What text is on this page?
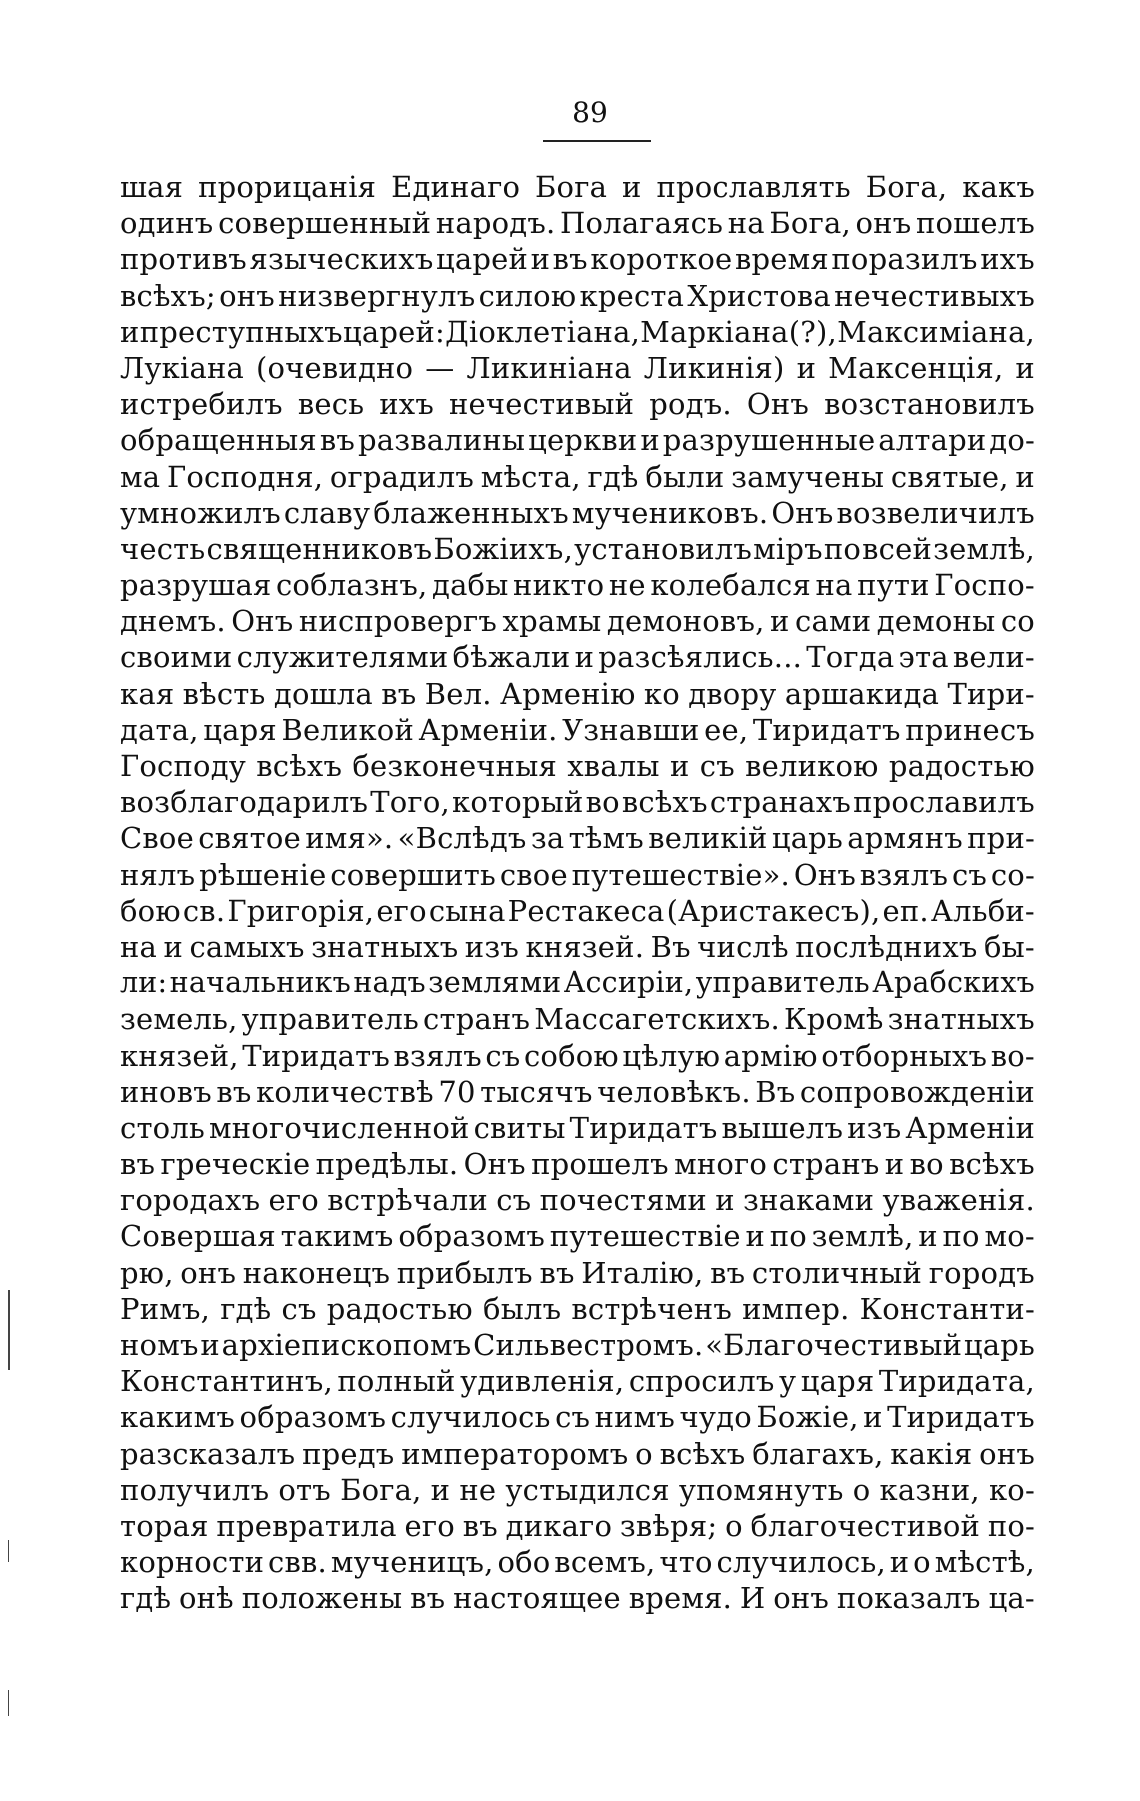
89
шая прорицанія Единаго Бога и прославлять Бога, какъ
одинъ совершенный народъ. Полагаясь на Бога, онъ пошелъ
противъ языческихъ царей и въ короткое время поразилъ ихъ
всѣхъ; онъ низвергнулъ силою креста Христова нечестивыхъ
и преступныхъ царей: Діоклетіана, Маркіана (?), Максиміана,
Лукіана (очевидно — Ликиніана Ликинія) и Максенція, и
истребилъ весь ихъ нечестивый родъ. Онъ возстановилъ
обращенныя въ развалины церкви и разрушенные алтари до-
ма Господня, оградилъ мѣста, гдѣ были замучены святые, и
умножилъ славу блаженныхъ мучениковъ. Онъ возвеличилъ
честь священниковъ Божіихъ, установилъ міръ по всей землѣ,
разрушая соблазнъ, дабы никто не колебался на пути Госпо-
днемъ. Онъ ниспровергъ храмы демоновъ, и сами демоны со
своими служителями бѣжали и разсѣялись... Тогда эта вели-
кая вѣсть дошла въ Вел. Арменію ко двору аршакида Тири-
дата, царя Великой Арменіи. Узнавши ее, Тиридатъ принесъ
Господу всѣхъ безконечныя хвалы и съ великою радостью
возблагодарилъ Того, который во всѣхъ странахъ прославилъ
Свое святое имя». «Вслѣдъ за тѣмъ великій царь армянъ при-
нялъ рѣшеніе совершить свое путешествіе». Онъ взялъ съ со-
бою св. Григорія, его сына Рестакеса (Аристакесъ), еп. Альби-
на и самыхъ знатныхъ изъ князей. Въ числѣ послѣднихъ бы-
ли: начальникъ надъ землями Ассиріи, управитель Арабскихъ
земель, управитель странъ Массагетскихъ. Кромѣ знатныхъ
князей, Тиридатъ взялъ съ собою цѣлую армію отборныхъ во-
иновъ въ количествѣ 70 тысячъ человѣкъ. Въ сопровожденіи
столь многочисленной свиты Тиридатъ вышелъ изъ Арменіи
въ греческіе предѣлы. Онъ прошелъ много странъ и во всѣхъ
городахъ его встрѣчали съ почестями и знаками уваженія.
Совершая такимъ образомъ путешествіе и по землѣ, и по мо-
рю, онъ наконецъ прибылъ въ Италію, въ столичный городъ
Римъ, гдѣ съ радостью былъ встрѣченъ импер. Константи-
номъ и архіепископомъ Сильвестромъ. «Благочестивый царь
Константинъ, полный удивленія, спросилъ у царя Тиридата,
какимъ образомъ случилось съ нимъ чудо Божіе, и Тиридатъ
разсказалъ предъ императоромъ о всѣхъ благахъ, какія онъ
получилъ отъ Бога, и не устыдился упомянуть о казни, ко-
торая превратила его въ дикаго звѣря; о благочестивой по-
корности свв. мученицъ, обо всемъ, что случилось, и о мѣстѣ,
гдѣ онѣ положены въ настоящее время. И онъ показалъ ца-
